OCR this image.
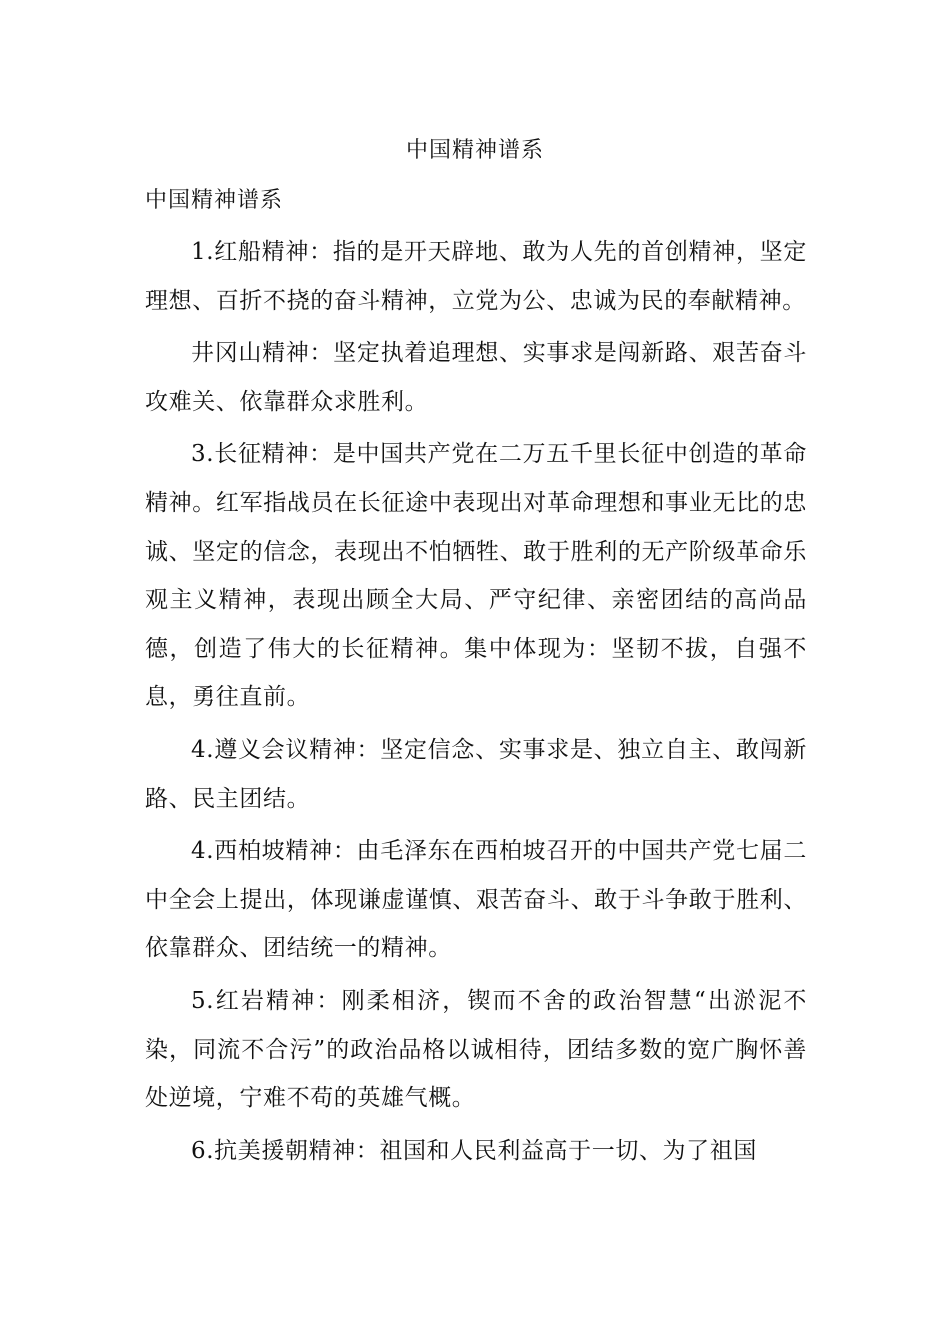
中国精神谱系
中国精神谱系

1.红船精神：指的是开天辟地、敢为人先的首创精神，坚定理想、百折不挠的奋斗精神，立党为公、忠诚为民的奉献精神。

井冈山精神：坚定执着追理想、实事求是闯新路、艰苦奋斗攻难关、依靠群众求胜利。

3.长征精神：是中国共产党在二万五千里长征中创造的革命精神。红军指战员在长征途中表现出对革命理想和事业无比的忠诚、坚定的信念，表现出不怕牺牲、敢于胜利的无产阶级革命乐观主义精神，表现出顾全大局、严守纪律、亲密团结的高尚品德，创造了伟大的长征精神。集中体现为：坚韧不拔，自强不息，勇往直前。

4.遵义会议精神：坚定信念、实事求是、独立自主、敢闯新路、民主团结。

4.西柏坡精神：由毛泽东在西柏坡召开的中国共产党七届二中全会上提出，体现谦虚谨慎、艰苦奋斗、敢于斗争敢于胜利、依靠群众、团结统一的精神。

5.红岩精神：刚柔相济，锲而不舍的政治智慧“出淤泥不染，同流不合污”的政治品格以诚相待，团结多数的宽广胸怀善处逆境，宁难不苟的英雄气概。

6.抗美援朝精神：祖国和人民利益高于一切、为了祖国
